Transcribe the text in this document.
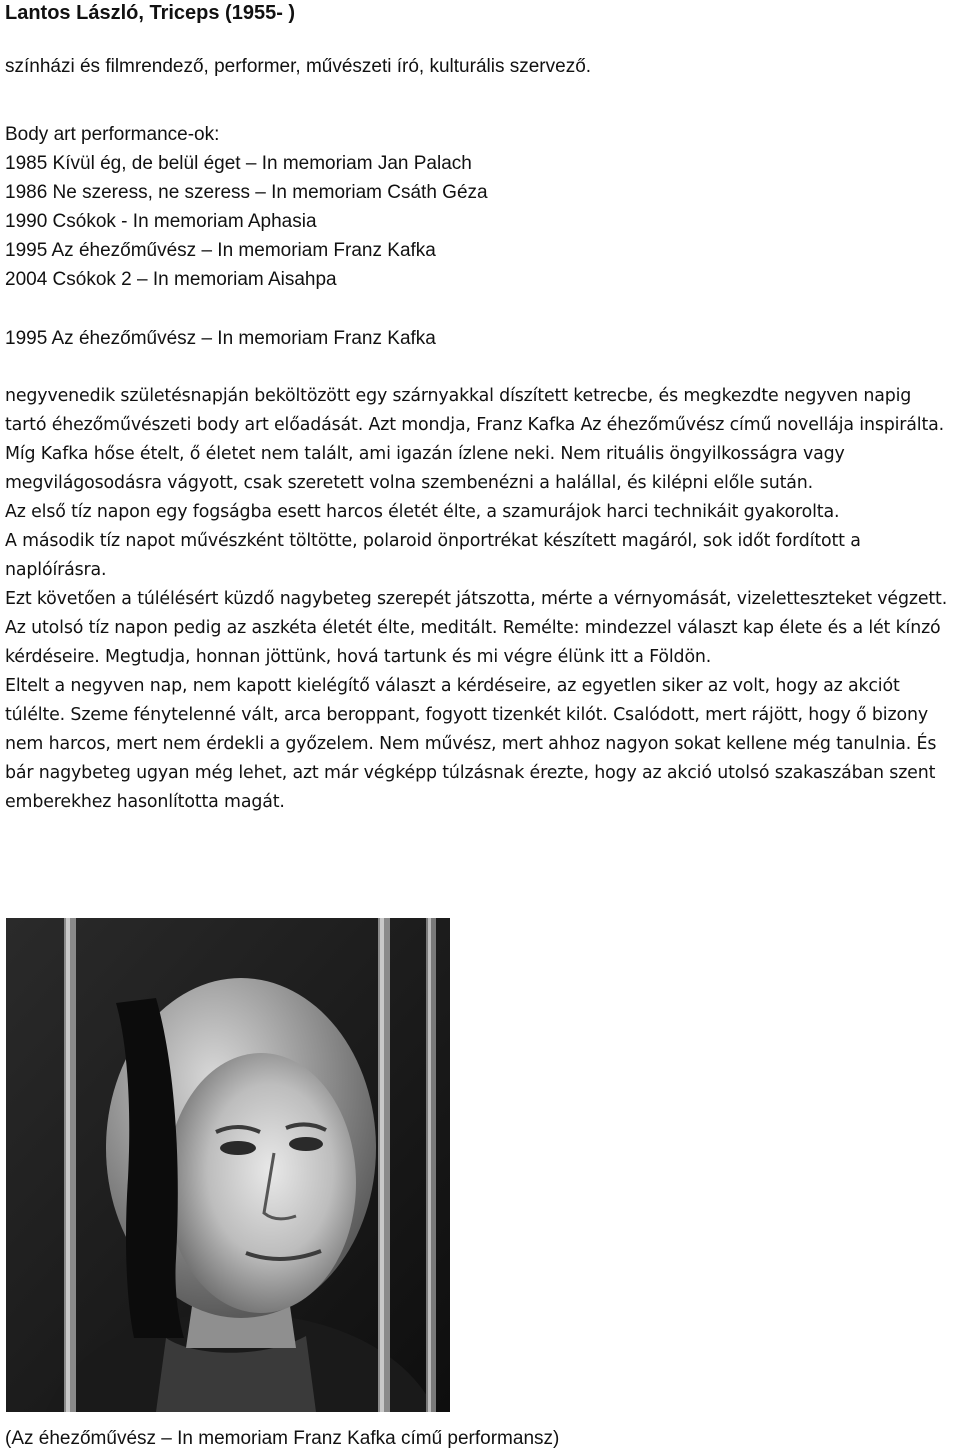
Lantos László, Triceps (1955- )
színházi és filmrendező, performer, művészeti író, kulturális szervező.
Body art performance-ok:
1985 Kívül ég, de belül éget – In memoriam Jan Palach
1986 Ne szeress, ne szeress – In memoriam Csáth Géza
1990 Csókok - In memoriam Aphasia
1995 Az éhezőművész – In memoriam Franz Kafka
2004 Csókok 2 – In memoriam Aisahpa
1995 Az éhezőművész – In memoriam Franz Kafka

negyvenedik születésnapján beköltözött egy szárnyakkal díszített ketrecbe, és megkezdte negyven napig tartó éhezőművészeti body art előadását. Azt mondja, Franz Kafka Az éhezőművész című novellája inspirálta.

Míg Kafka hőse ételt, ő életet nem talált, ami igazán ízlene neki. Nem rituális öngyilkosságra vagy megvilágosodásra vágyott, csak szeretett volna szembenézni a halállal, és kilépni előle sután.

Az első tíz napon egy fogságba esett harcos életét élte, a szamurájok harci technikáit gyakorolta.

A második tíz napot művészként töltötte, polaroid önportrékat készített magáról, sok időt fordított a naplóírásra.

Ezt követően a túlélésért küzdő nagybeteg szerepét játszotta, mérte a vérnyomását, vizeletteszteket végzett.

Az utolsó tíz napon pedig az aszkéta életét élte, meditált. Remélte: mindezzel választ kap élete és a lét kínzó kérdéseire. Megtudja, honnan jöttünk, hová tartunk és mi végre élünk itt a Földön.

Eltelt a negyven nap, nem kapott kielégítő választ a kérdéseire, az egyetlen siker az volt, hogy az akciót túlélte. Szeme fénytelenné vált, arca beroppant, fogyott tizenkét kilót. Csalódott, mert rájött, hogy ő bizony nem harcos, mert nem érdekli a győzelem. Nem művész, mert ahhoz nagyon sokat kellene még tanulnia. És bár nagybeteg ugyan még lehet, azt már végképp túlzásnak érezte, hogy az akció utolsó szakaszában szent emberekhez hasonlította magát.

(Az éhezőművész – In memoriam Franz Kafka című performansz)
